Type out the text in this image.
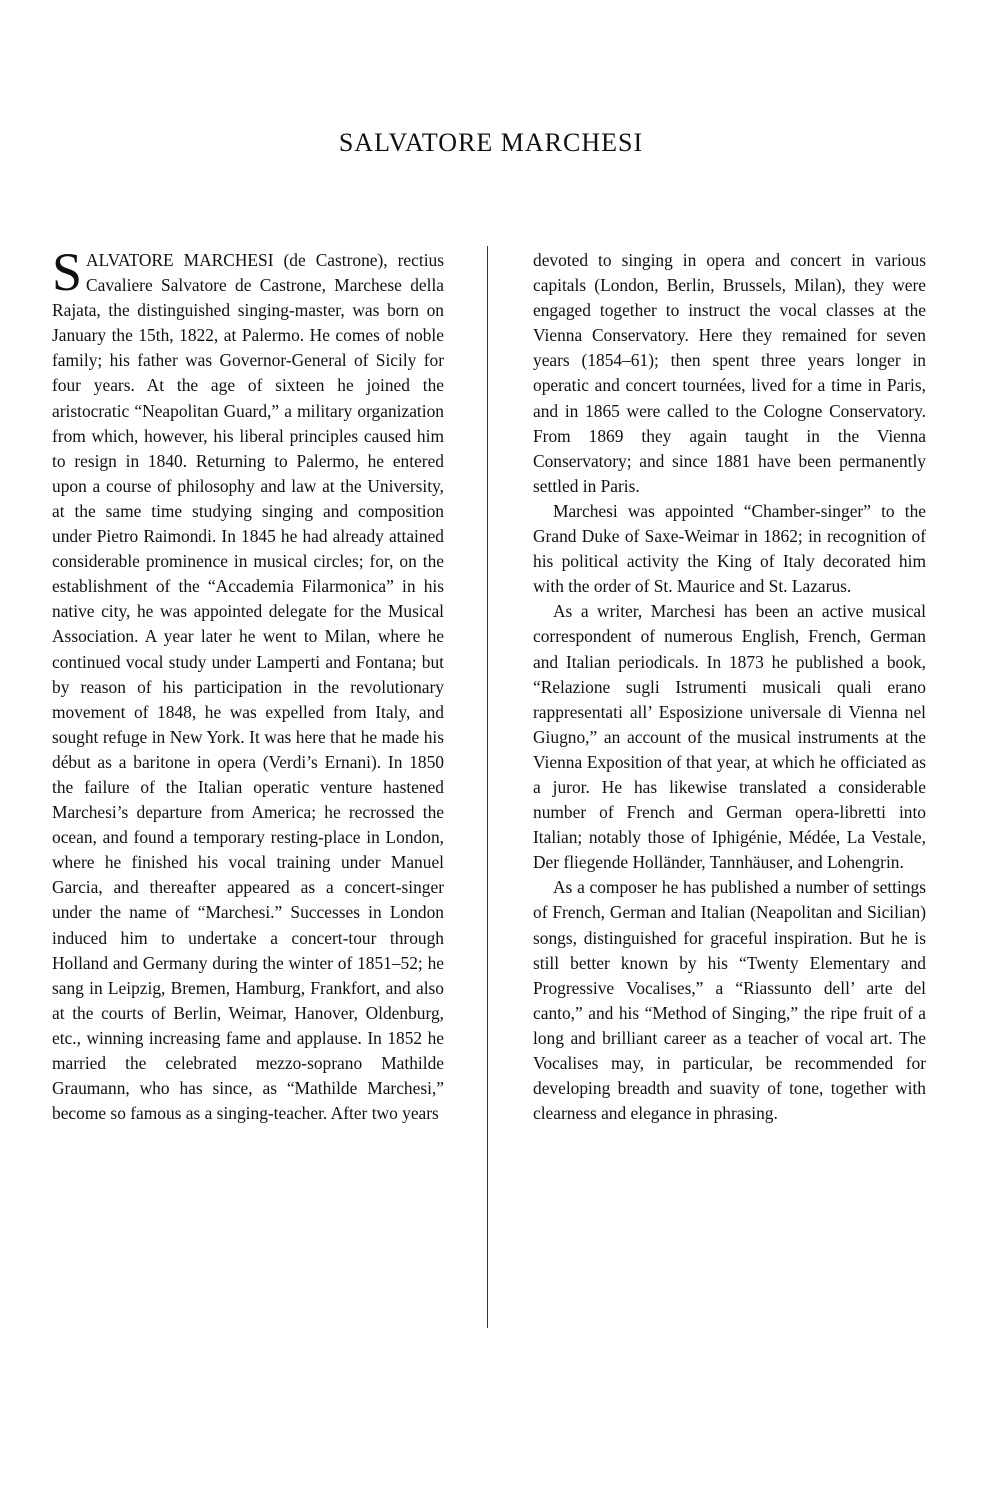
SALVATORE MARCHESI

SALVATORE MARCHESI (de Castrone), rectius Cavaliere Salvatore de Castrone, Marchese della Rajata, the distinguished singing-master, was born on January the 15th, 1822, at Palermo. He comes of noble family; his father was Governor-General of Sicily for four years. At the age of sixteen he joined the aristocratic “Neapolitan Guard,” a military organization from which, however, his liberal principles caused him to resign in 1840. Returning to Palermo, he entered upon a course of philosophy and law at the University, at the same time studying singing and composition under Pietro Raimondi. In 1845 he had already attained considerable prominence in musical circles; for, on the establishment of the “Accademia Filarmonica” in his native city, he was appointed delegate for the Musical Association. A year later he went to Milan, where he continued vocal study under Lamperti and Fontana; but by reason of his participation in the revolutionary movement of 1848, he was expelled from Italy, and sought refuge in New York. It was here that he made his début as a baritone in opera (Verdi’s Ernani). In 1850 the failure of the Italian operatic venture hastened Marchesi’s departure from America; he recrossed the ocean, and found a temporary resting-place in London, where he finished his vocal training under Manuel Garcia, and thereafter appeared as a concert-singer under the name of “Marchesi.” Successes in London induced him to undertake a concert-tour through Holland and Germany during the winter of 1851–52; he sang in Leipzig, Bremen, Hamburg, Frankfort, and also at the courts of Berlin, Weimar, Hanover, Oldenburg, etc., winning increasing fame and applause. In 1852 he married the celebrated mezzo-soprano Mathilde Graumann, who has since, as “Mathilde Marchesi,” become so famous as a singing-teacher. After two years

devoted to singing in opera and concert in various capitals (London, Berlin, Brussels, Milan), they were engaged together to instruct the vocal classes at the Vienna Conservatory. Here they remained for seven years (1854–61); then spent three years longer in operatic and concert tournées, lived for a time in Paris, and in 1865 were called to the Cologne Conservatory. From 1869 they again taught in the Vienna Conservatory; and since 1881 have been permanently settled in Paris.

Marchesi was appointed “Chamber-singer” to the Grand Duke of Saxe-Weimar in 1862; in recognition of his political activity the King of Italy decorated him with the order of St. Maurice and St. Lazarus.

As a writer, Marchesi has been an active musical correspondent of numerous English, French, German and Italian periodicals. In 1873 he published a book, “Relazione sugli Istrumenti musicali quali erano rappresentati all’ Esposizione universale di Vienna nel Giugno,” an account of the musical instruments at the Vienna Exposition of that year, at which he officiated as a juror. He has likewise translated a considerable number of French and German opera-libretti into Italian; notably those of Iphigénie, Médée, La Vestale, Der fliegende Holländer, Tannhäuser, and Lohengrin.

As a composer he has published a number of settings of French, German and Italian (Neapolitan and Sicilian) songs, distinguished for graceful inspiration. But he is still better known by his “Twenty Elementary and Progressive Vocalises,” a “Riassunto dell’ arte del canto,” and his “Method of Singing,” the ripe fruit of a long and brilliant career as a teacher of vocal art. The Vocalises may, in particular, be recommended for developing breadth and suavity of tone, together with clearness and elegance in phrasing.
